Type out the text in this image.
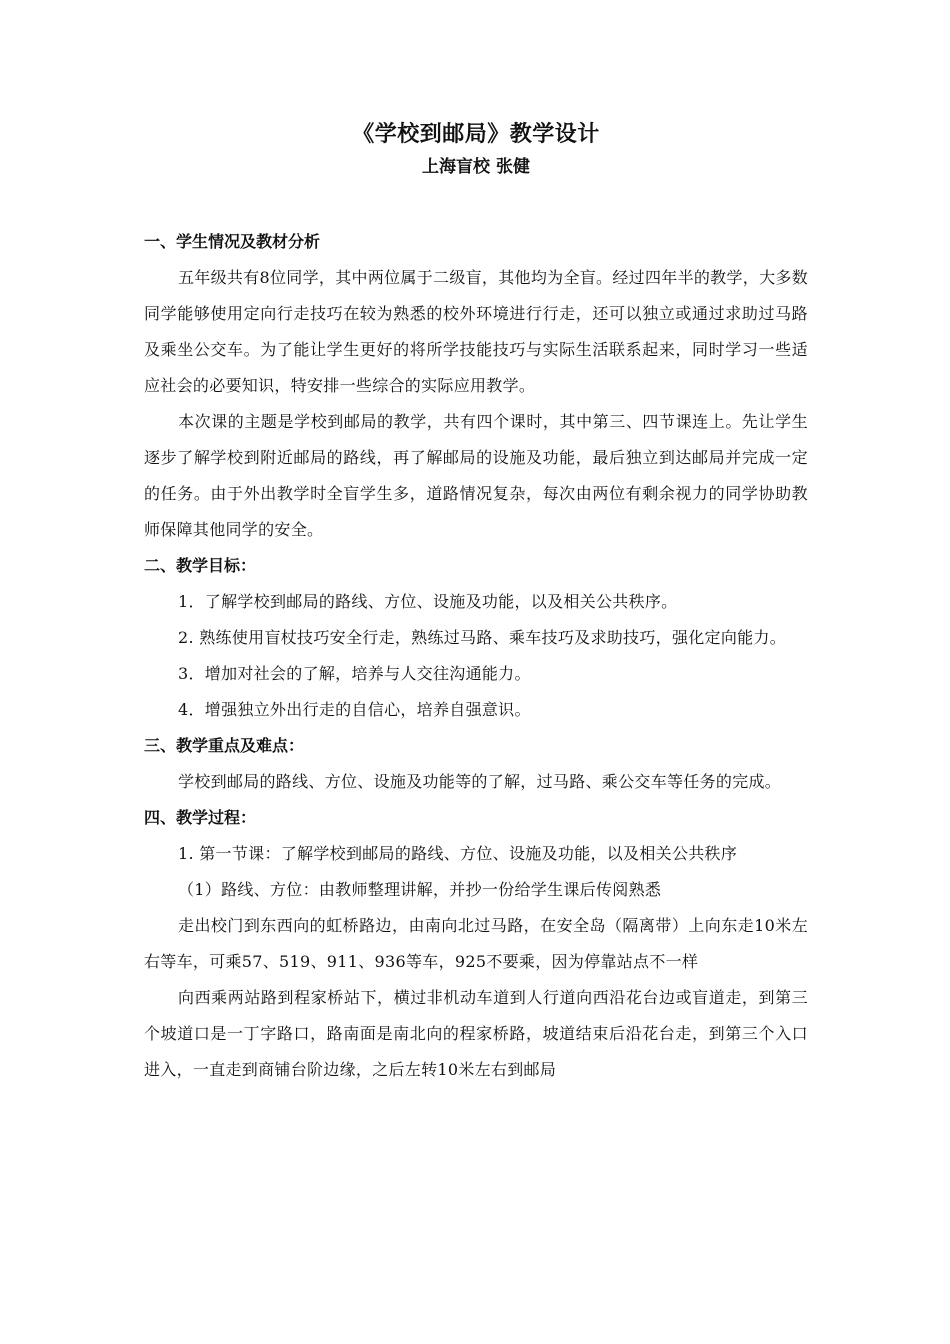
《学校到邮局》教学设计

上海盲校 张健

一、学生情况及教材分析

五年级共有8位同学，其中两位属于二级盲，其他均为全盲。经过四年半的教学，大多数同学能够使用定向行走技巧在较为熟悉的校外环境进行行走，还可以独立或通过求助过马路及乘坐公交车。为了能让学生更好的将所学技能技巧与实际生活联系起来，同时学习一些适应社会的必要知识，特安排一些综合的实际应用教学。

本次课的主题是学校到邮局的教学，共有四个课时，其中第三、四节课连上。先让学生逐步了解学校到附近邮局的路线，再了解邮局的设施及功能，最后独立到达邮局并完成一定的任务。由于外出教学时全盲学生多，道路情况复杂，每次由两位有剩余视力的同学协助教师保障其他同学的安全。

二、教学目标：

1．了解学校到邮局的路线、方位、设施及功能，以及相关公共秩序。

2. 熟练使用盲杖技巧安全行走，熟练过马路、乘车技巧及求助技巧，强化定向能力。

3．增加对社会的了解，培养与人交往沟通能力。

4．增强独立外出行走的自信心，培养自强意识。

三、教学重点及难点：

学校到邮局的路线、方位、设施及功能等的了解，过马路、乘公交车等任务的完成。

四、教学过程：

1. 第一节课：了解学校到邮局的路线、方位、设施及功能，以及相关公共秩序

（1）路线、方位：由教师整理讲解，并抄一份给学生课后传阅熟悉

走出校门到东西向的虹桥路边，由南向北过马路，在安全岛（隔离带）上向东走10米左右等车，可乘57、519、911、936等车，925不要乘，因为停靠站点不一样

向西乘两站路到程家桥站下，横过非机动车道到人行道向西沿花台边或盲道走，到第三个坡道口是一丁字路口，路南面是南北向的程家桥路，坡道结束后沿花台走，到第三个入口进入，一直走到商铺台阶边缘，之后左转10米左右到邮局
